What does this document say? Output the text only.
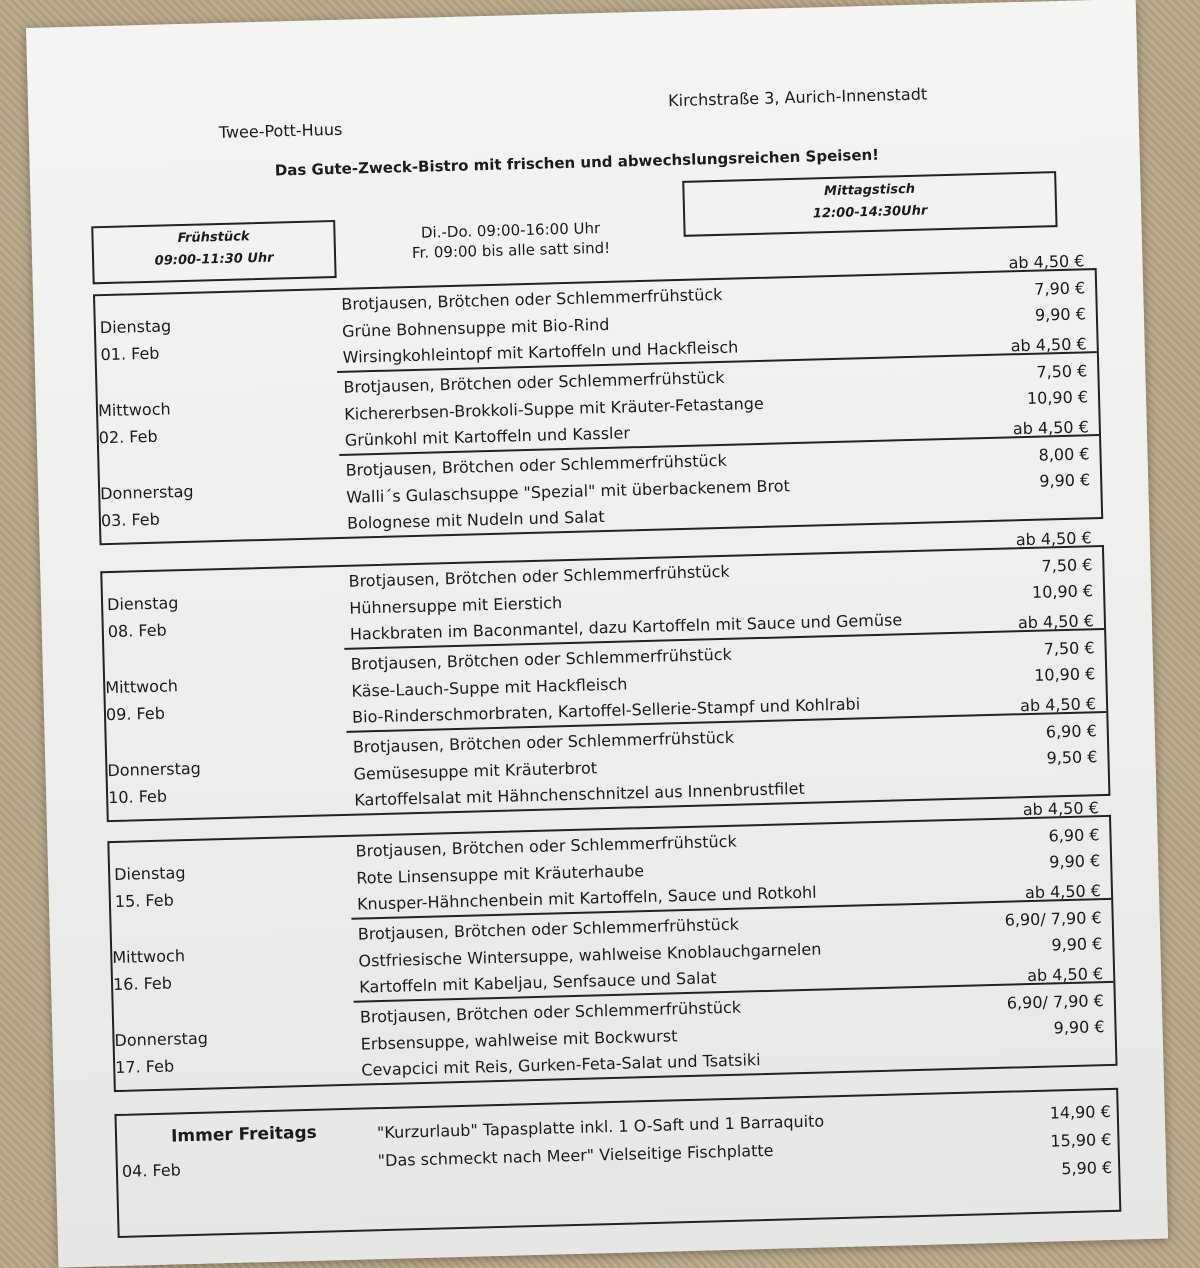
Twee-Pott-Huus
Kirchstraße 3, Aurich-Innenstadt
Das Gute-Zweck-Bistro mit frischen und abwechslungsreichen Speisen!
Frühstück
09:00-11:30 Uhr
Di.-Do. 09:00-16:00 Uhr
Fr. 09:00 bis alle satt sind!
Mittagstisch
12:00-14:30Uhr
Dienstag
01. Feb
Brotjausen, Brötchen oder Schlemmerfrühstück
Grüne Bohnensuppe mit Bio-Rind
Wirsingkohleintopf mit Kartoffeln und Hackfleisch
ab 4,50 €
7,90 €
9,90 €
Mittwoch
02. Feb
Brotjausen, Brötchen oder Schlemmerfrühstück
Kichererbsen-Brokkoli-Suppe mit Kräuter-Fetastange
Grünkohl mit Kartoffeln und Kassler
ab 4,50 €
7,50 €
10,90 €
Donnerstag
03. Feb
Brotjausen, Brötchen oder Schlemmerfrühstück
Walli´s Gulaschsuppe "Spezial" mit überbackenem Brot
Bolognese mit Nudeln und Salat
ab 4,50 €
8,00 €
9,90 €
Dienstag
08. Feb
Brotjausen, Brötchen oder Schlemmerfrühstück
Hühnersuppe mit Eierstich
Hackbraten im Baconmantel, dazu Kartoffeln mit Sauce und Gemüse
ab 4,50 €
7,50 €
10,90 €
Mittwoch
09. Feb
Brotjausen, Brötchen oder Schlemmerfrühstück
Käse-Lauch-Suppe mit Hackfleisch
Bio-Rinderschmorbraten, Kartoffel-Sellerie-Stampf und Kohlrabi
ab 4,50 €
7,50 €
10,90 €
Donnerstag
10. Feb
Brotjausen, Brötchen oder Schlemmerfrühstück
Gemüsesuppe mit Kräuterbrot
Kartoffelsalat mit Hähnchenschnitzel aus Innenbrustfilet
ab 4,50 €
6,90 €
9,50 €
Dienstag
15. Feb
Brotjausen, Brötchen oder Schlemmerfrühstück
Rote Linsensuppe mit Kräuterhaube
Knusper-Hähnchenbein mit Kartoffeln, Sauce und Rotkohl
ab 4,50 €
6,90 €
9,90 €
Mittwoch
16. Feb
Brotjausen, Brötchen oder Schlemmerfrühstück
Ostfriesische Wintersuppe, wahlweise Knoblauchgarnelen
Kartoffeln mit Kabeljau, Senfsauce und Salat
ab 4,50 €
6,90/ 7,90 €
9,90 €
Donnerstag
17. Feb
Brotjausen, Brötchen oder Schlemmerfrühstück
Erbsensuppe, wahlweise mit Bockwurst
Cevapcici mit Reis, Gurken-Feta-Salat und Tsatsiki
ab 4,50 €
6,90/ 7,90 €
9,90 €
Immer Freitags
04. Feb
"Kurzurlaub" Tapasplatte inkl. 1 O-Saft und 1 Barraquito
"Das schmeckt nach Meer" Vielseitige Fischplatte
14,90 €
15,90 €
5,90 €
